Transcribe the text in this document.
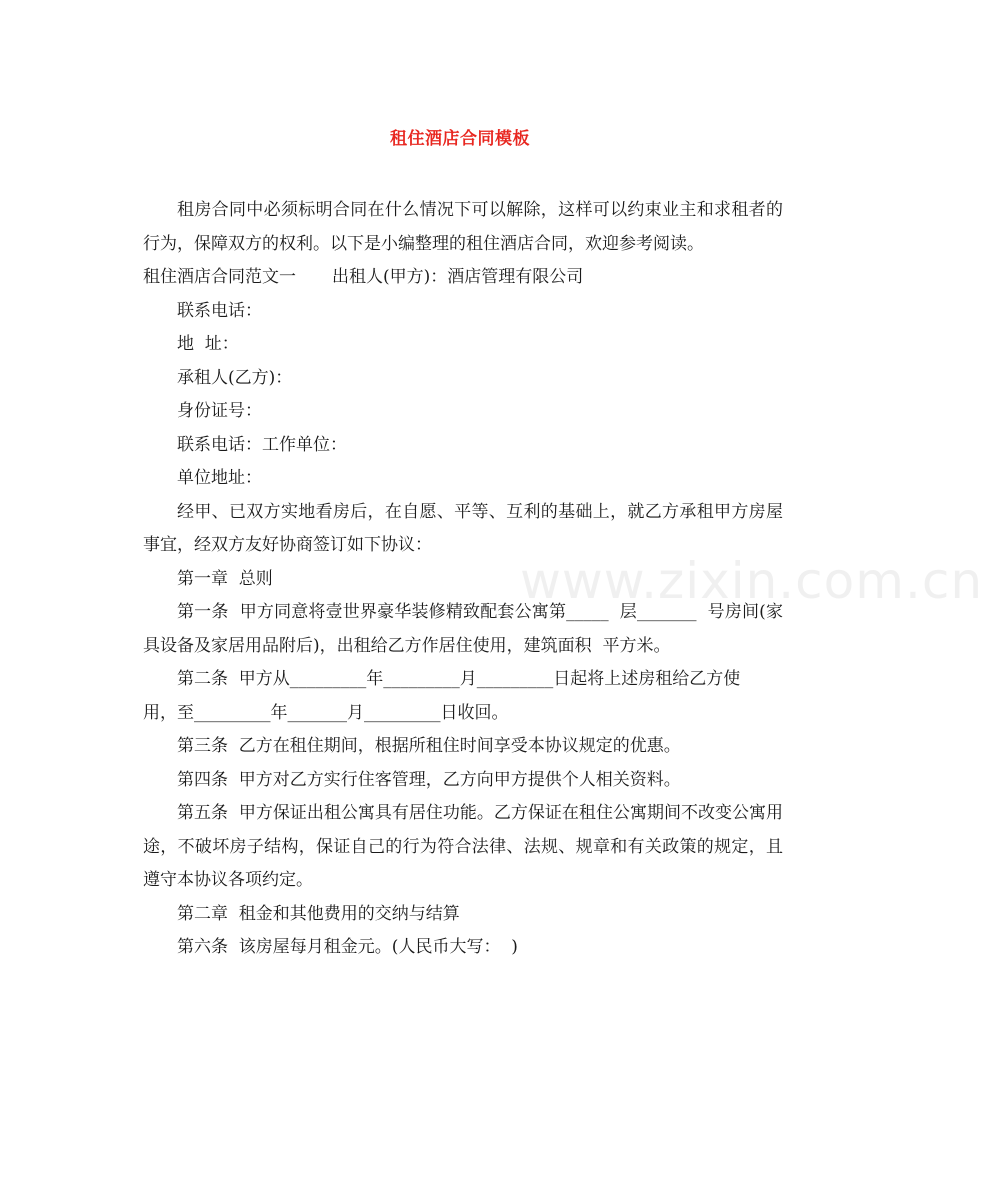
租住酒店合同模板
www.zixin.com.cn

租房合同中必须标明合同在什么情况下可以解除，这样可以约束业主和求租者的行为，保障双方的权利。以下是小编整理的租住酒店合同，欢迎参考阅读。

租住酒店合同范文一 出租人(甲方)：酒店管理有限公司

联系电话：

地  址：

承租人(乙方)：

身份证号：

联系电话：工作单位：

单位地址：

经甲、已双方实地看房后，在自愿、平等、互利的基础上，就乙方承租甲方房屋事宜，经双方友好协商签订如下协议：

第一章  总则

第一条  甲方同意将壹世界豪华装修精致配套公寓第_____  层_______  号房间(家具设备及家居用品附后)，出租给乙方作居住使用，建筑面积  平方米。

第二条  甲方从_________年_________月_________日起将上述房租给乙方使

用，至_________年_______月_________日收回。

第三条  乙方在租住期间，根据所租住时间享受本协议规定的优惠。

第四条  甲方对乙方实行住客管理，乙方向甲方提供个人相关资料。

第五条  甲方保证出租公寓具有居住功能。乙方保证在租住公寓期间不改变公寓用途，不破坏房子结构，保证自己的行为符合法律、法规、规章和有关政策的规定，且遵守本协议各项约定。

第二章  租金和其他费用的交纳与结算

第六条  该房屋每月租金元。(人民币大写：  )
